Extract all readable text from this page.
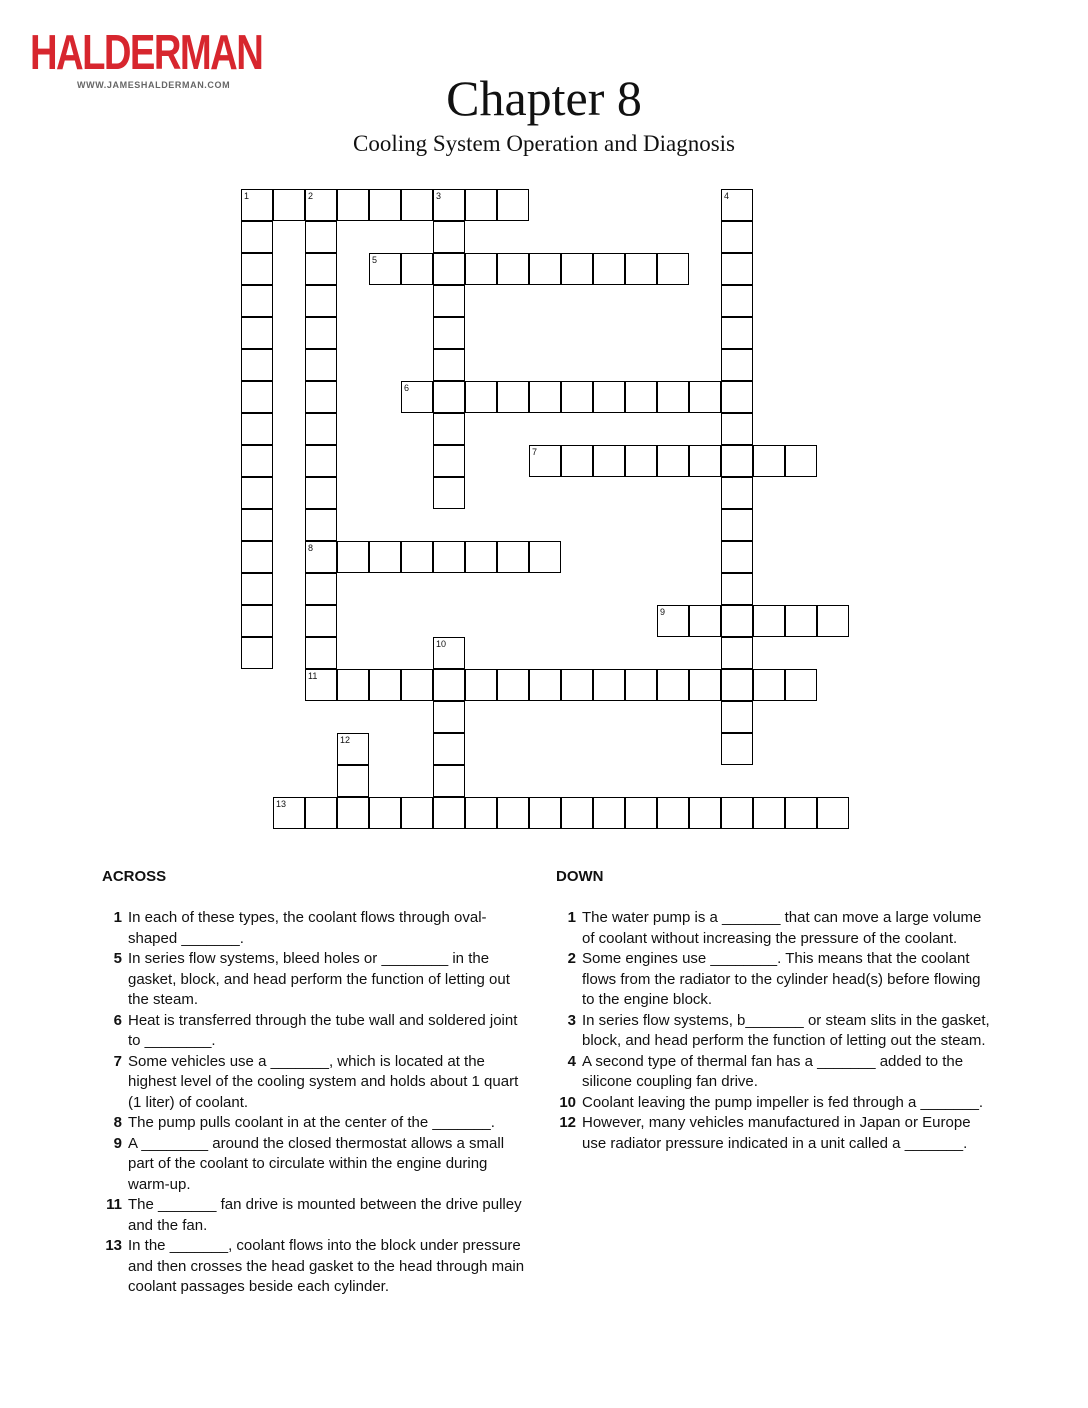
HALDERMAN
WWW.JAMESHALDERMAN.COM	Chapter 8
Cooling System Operation and Diagnosis
1	2	3
8
4
5
6
7
9
10
11
12
13
ACROSS	DOWN
1 In each of these types, the coolant flows through oval-shaped _______.
5 In series flow systems, bleed holes or ________ in the gasket, block, and head perform the function of letting out the steam.
6 Heat is transferred through the tube wall and soldered joint to ________.
7 Some vehicles use a _______, which is located at the highest level of the cooling system and holds about 1 quart (1 liter) of coolant.
8 The pump pulls coolant in at the center of the _______.
9 A ________ around the closed thermostat allows a small part of the coolant to circulate within the engine during warm-up.
11 The _______ fan drive is mounted between the drive pulley and the fan.
13 In the _______, coolant flows into the block under pressure and then crosses the head gasket to the head through main coolant passages beside each cylinder.
1 The water pump is a _______ that can move a large volume of coolant without increasing the pressure of the coolant.
2 Some engines use ________. This means that the coolant flows from the radiator to the cylinder head(s) before flowing to the engine block.
3 In series flow systems, b_______ or steam slits in the gasket, block, and head perform the function of letting out the steam.
4 A second type of thermal fan has a _______ added to the silicone coupling fan drive.
10 Coolant leaving the pump impeller is fed through a _______.
12 However, many vehicles manufactured in Japan or Europe use radiator pressure indicated in a unit called a _______.
